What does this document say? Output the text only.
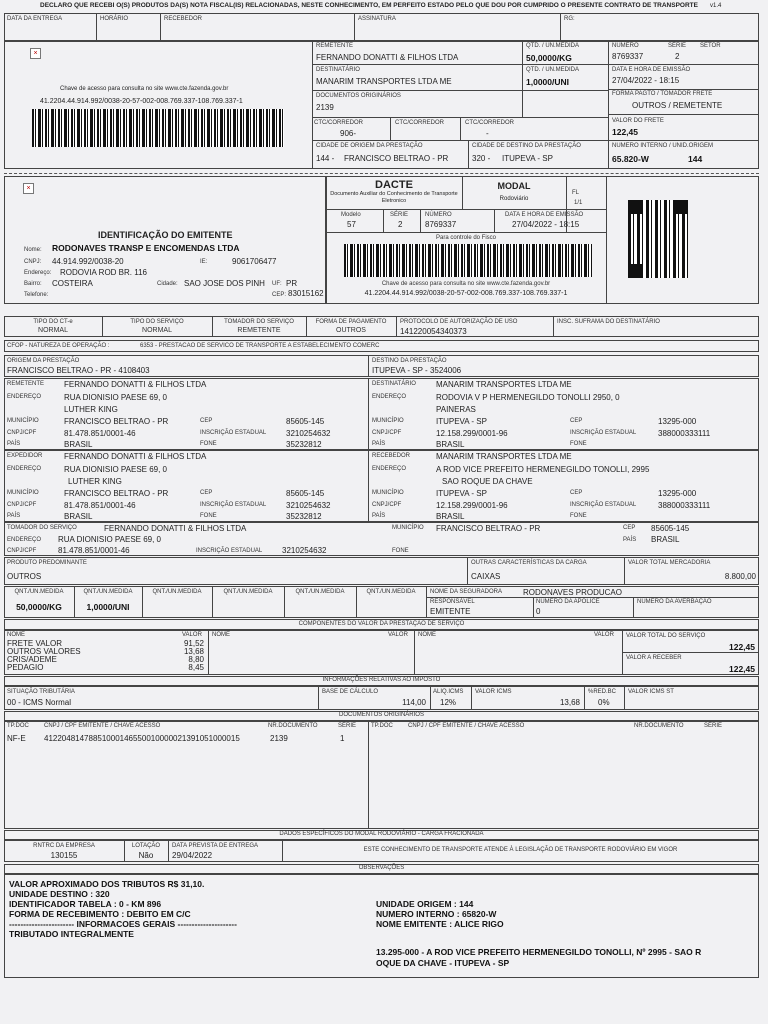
DECLARO QUE RECEBI O(S) PRODUTOS DA(S) NOTA FISCAL(IS) RELACIONADAS, NESTE CONHECIMENTO, EM PERFEITO ESTADO PELO QUE DOU POR CUMPRIDO O PRESENTE CONTRATO DE TRANSPORTE v1.4
DATA DA ENTREGA	HORÁRIO	RECEBEDOR	ASSINATURA	RG:
×
Chave de acesso para consulta no site www.cte.fazenda.gov.br
41.2204.44.914.992/0038-20-57-002-008.769.337-108.769.337-1
REMETENTE
FERNANDO DONATTI & FILHOS LTDA
DESTINATÁRIO
MANARIM TRANSPORTES LTDA ME
DOCUMENTOS ORIGINÁRIOS
2139
QTD. / UN.MEDIDA
50,0000/KG
QTD. / UN.MEDIDA
1,0000/UNI
CTC/CORREDOR
906-
CTC/CORREDOR	CTC/CORREDOR
-
CIDADE DE ORIGEM DA PRESTAÇÃO
144 - FRANCISCO BELTRAO - PR
CIDADE DE DESTINO DA PRESTAÇÃO
320 - ITUPEVA - SP
NUMERO	SÉRIE SETOR
8769337	2
DATA E HORA DE EMISSÃO
27/04/2022 - 18:15
FORMA PAGTO / TOMADOR FRETE
OUTROS / REMETENTE
VALOR DO FRETE
122,45
NUMERO INTERNO / UNID.ORIGEM
65.820-W	144
×
IDENTIFICAÇÃO DO EMITENTE
Nome: RODONAVES TRANSP E ENCOMENDAS LTDA
CNPJ: 44.914.992/0038-20	IE:	9061706477
Endereço: RODOVIA ROD BR. 116
Bairro: COSTEIRA	Cidade: SAO JOSE DOS PINH UF: PR
Telefone:	CEP: 83015162
DACTE
Documento Auxiliar do Conhecimento de Transporte Eletronico
MODAL
Rodoviário
FL
1/1
Modelo
57
SÉRIE
2
NÚMERO
8769337
DATA E HORA DE EMISSÃO
27/04/2022 - 18:15
Para controle do Fisco
Chave de acesso para consulta no site www.cte.fazenda.gov.br
41.2204.44.914.992/0038-20-57-002-008.769.337-108.769.337-1
TIPO DO CT-e
NORMAL
TIPO DO SERVIÇO
NORMAL
TOMADOR DO SERVIÇO
REMETENTE
FORMA DE PAGAMENTO
OUTROS
PROTOCOLO DE AUTORIZAÇÃO DE USO
141220054340373
INSC. SUFRAMA DO DESTINATÁRIO
CFOP - NATUREZA DE OPERAÇÃO :	6353 - PRESTACAO DE SERVICO DE TRANSPORTE A ESTABELECIMENTO COMERC
ORIGEM DA PRESTAÇÃO
FRANCISCO BELTRAO - PR - 4108403
DESTINO DA PRESTAÇÃO
ITUPEVA - SP - 3524006
REMETENTE FERNANDO DONATTI & FILHOS LTDA
ENDEREÇO	RUA DIONISIO PAESE 69, 0
LUTHER KING
MUNICÍPIO	FRANCISCO BELTRAO - PR	CEP	85605-145
CNPJ/CPF	81.478.851/0001-46	INSCRIÇÃO ESTADUAL 3210254632
PAÍS	BRASIL	FONE	35232812
DESTINATÁRIO	MANARIM TRANSPORTES LTDA ME
ENDEREÇO	RODOVIA V P HERMENEGILDO TONOLLI 2950, 0
PAINERAS
MUNICÍPIO	ITUPEVA - SP	CEP	13295-000
CNPJ/CPF	12.158.299/0001-96	INSCRIÇÃO ESTADUAL	388000333111
PAÍS	BRASIL	FONE
EXPEDIDOR	FERNANDO DONATTI & FILHOS LTDA
ENDEREÇO	RUA DIONISIO PAESE 69, 0
LUTHER KING
MUNICÍPIO	FRANCISCO BELTRAO - PR	CEP	85605-145
CNPJ/CPF	81.478.851/0001-46	INSCRIÇÃO ESTADUAL 3210254632
PAÍS	BRASIL	FONE	35232812
RECEBEDOR	MANARIM TRANSPORTES LTDA ME
ENDEREÇO	A ROD VICE PREFEITO HERMENEGILDO TONOLLI, 2995
SAO ROQUE DA CHAVE
MUNICÍPIO	ITUPEVA - SP	CEP	13295-000
CNPJ/CPF	12.158.299/0001-96	INSCRIÇÃO ESTADUAL	388000333111
PAÍS	BRASIL	FONE
TOMADOR DO SERVIÇO	FERNANDO DONATTI & FILHOS LTDA	MUNICÍPIO FRANCISCO BELTRAO - PR	CEP 85605-145
ENDEREÇO RUA DIONISIO PAESE 69, 0	PAÍS BRASIL
CNPJ/CPF	81.478.851/0001-46	INSCRIÇÃO ESTADUAL 3210254632	FONE
PRODUTO PREDOMINANTE
OUTROS
OUTRAS CARACTERÍSTICAS DA CARGA
CAIXAS
VALOR TOTAL MERCADORIA
8.800,00
QNT./UN.MEDIDA	QNT./UN.MEDIDA	QNT./UN.MEDIDA	QNT./UN.MEDIDA	QNT./UN.MEDIDA	QNT./UN.MEDIDA
50,0000/KG	1,0000/UNI
NOME DA SEGURADORA	RODONAVES PRODUCAO
RESPONSÁVEL
EMITENTE
NÚMERO DA APÓLICE
0
NÚMERO DA AVERBAÇÃO
COMPONENTES DO VALOR DA PRESTAÇÃO DE SERVIÇO
NOME	VALOR NOME	VALOR NOME	VALOR
FRETE VALOR	91,52
OUTROS VALORES	13,68
CRIS/ADEME	8,80
PEDAGIO	8,45
VALOR TOTAL DO SERVIÇO
122,45
VALOR A RECEBER
122,45
INFORMAÇÕES RELATIVAS AO IMPOSTO
SITUAÇÃO TRIBUTÁRIA
00 - ICMS Normal
BASE DE CÁLCULO
114,00
ALIQ.ICMS
12%
VALOR ICMS
13,68
%RED.BC
0%
VALOR ICMS ST
DOCUMENTOS ORIGINÁRIOS
TP.DOC	CNPJ / CPF EMITENTE / CHAVE ACESSO	NR.DOCUMENTO	SÉRIE TP.DOC	CNPJ / CPF EMITENTE / CHAVE ACESSO	NR.DOCUMENTO	SÉRIE
NF-E 41220481478851000146550010000021391051000015	2139	1
DADOS ESPECÍFICOS DO MODAL RODOVIÁRIO - CARGA FRACIONADA
RNTRC DA EMPRESA
130155
LOTAÇÃO
Não
DATA PREVISTA DE ENTREGA
29/04/2022
ESTE CONHECIMENTO DE TRANSPORTE ATENDE À LEGISLAÇÃO DE TRANSPORTE RODOVIÁRIO EM VIGOR
OBSERVAÇÕES
VALOR APROXIMADO DOS TRIBUTOS R$ 31,10.
UNIDADE DESTINO : 320
IDENTIFICADOR TABELA : 0 - KM 896
FORMA DE RECEBIMENTO : DEBITO EM C/C
----------------------- INFORMACOES GERAIS ---------------------
TRIBUTADO INTEGRALMENTE
UNIDADE ORIGEM : 144
NUMERO INTERNO : 65820-W
NOME EMITENTE : ALICE RIGO
13.295-000 - A ROD VICE PREFEITO HERMENEGILDO TONOLLI, Nº 2995 - SAO R
OQUE DA CHAVE - ITUPEVA - SP
